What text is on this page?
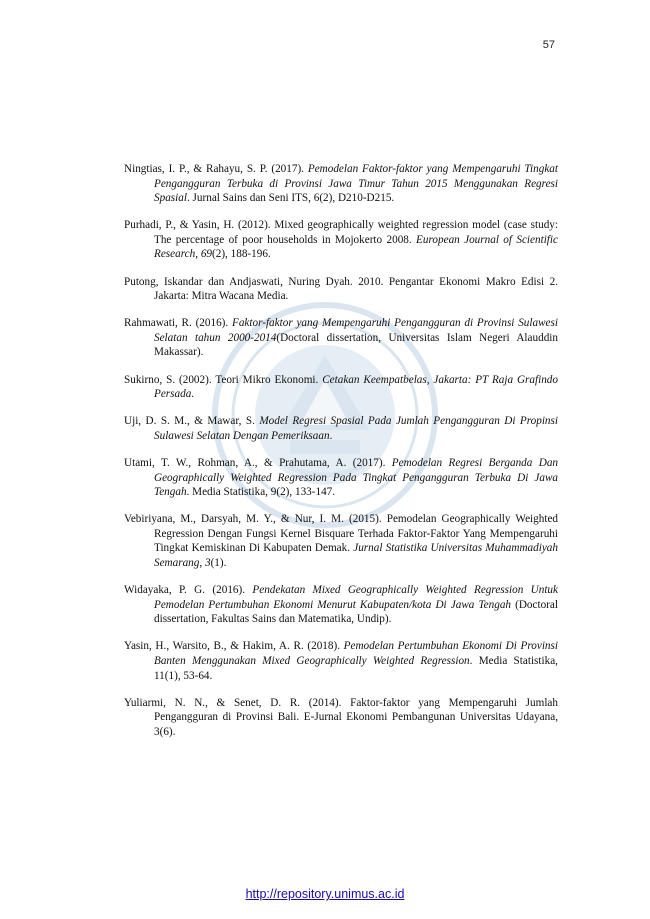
57

Ningtias, I. P., & Rahayu, S. P. (2017). Pemodelan Faktor-faktor yang Mempengaruhi Tingkat Pengangguran Terbuka di Provinsi Jawa Timur Tahun 2015 Menggunakan Regresi Spasial. Jurnal Sains dan Seni ITS, 6(2), D210-D215.

Purhadi, P., & Yasin, H. (2012). Mixed geographically weighted regression model (case study: The percentage of poor households in Mojokerto 2008. European Journal of Scientific Research, 69(2), 188-196.

Putong, Iskandar dan Andjaswati, Nuring Dyah. 2010. Pengantar Ekonomi Makro Edisi 2. Jakarta: Mitra Wacana Media.

Rahmawati, R. (2016). Faktor-faktor yang Mempengaruhi Pengangguran di Provinsi Sulawesi Selatan tahun 2000-2014(Doctoral dissertation, Universitas Islam Negeri Alauddin Makassar).

Sukirno, S. (2002). Teori Mikro Ekonomi. Cetakan Keempatbelas, Jakarta: PT Raja Grafindo Persada.

Uji, D. S. M., & Mawar, S. Model Regresi Spasial Pada Jumlah Pengangguran Di Propinsi Sulawesi Selatan Dengan Pemeriksaan.

Utami, T. W., Rohman, A., & Prahutama, A. (2017). Pemodelan Regresi Berganda Dan Geographically Weighted Regression Pada Tingkat Pengangguran Terbuka Di Jawa Tengah. Media Statistika, 9(2), 133-147.

Vebiriyana, M., Darsyah, M. Y., & Nur, I. M. (2015). Pemodelan Geographically Weighted Regression Dengan Fungsi Kernel Bisquare Terhada Faktor-Faktor Yang Mempengaruhi Tingkat Kemiskinan Di Kabupaten Demak. Jurnal Statistika Universitas Muhammadiyah Semarang, 3(1).

Widayaka, P. G. (2016). Pendekatan Mixed Geographically Weighted Regression Untuk Pemodelan Pertumbuhan Ekonomi Menurut Kabupaten/kota Di Jawa Tengah (Doctoral dissertation, Fakultas Sains dan Matematika, Undip).

Yasin, H., Warsito, B., & Hakim, A. R. (2018). Pemodelan Pertumbuhan Ekonomi Di Provinsi Banten Menggunakan Mixed Geographically Weighted Regression. Media Statistika, 11(1), 53-64.

Yuliarmi, N. N., & Senet, D. R. (2014). Faktor-faktor yang Mempengaruhi Jumlah Pengangguran di Provinsi Bali. E-Jurnal Ekonomi Pembangunan Universitas Udayana, 3(6).

http://repository.unimus.ac.id
